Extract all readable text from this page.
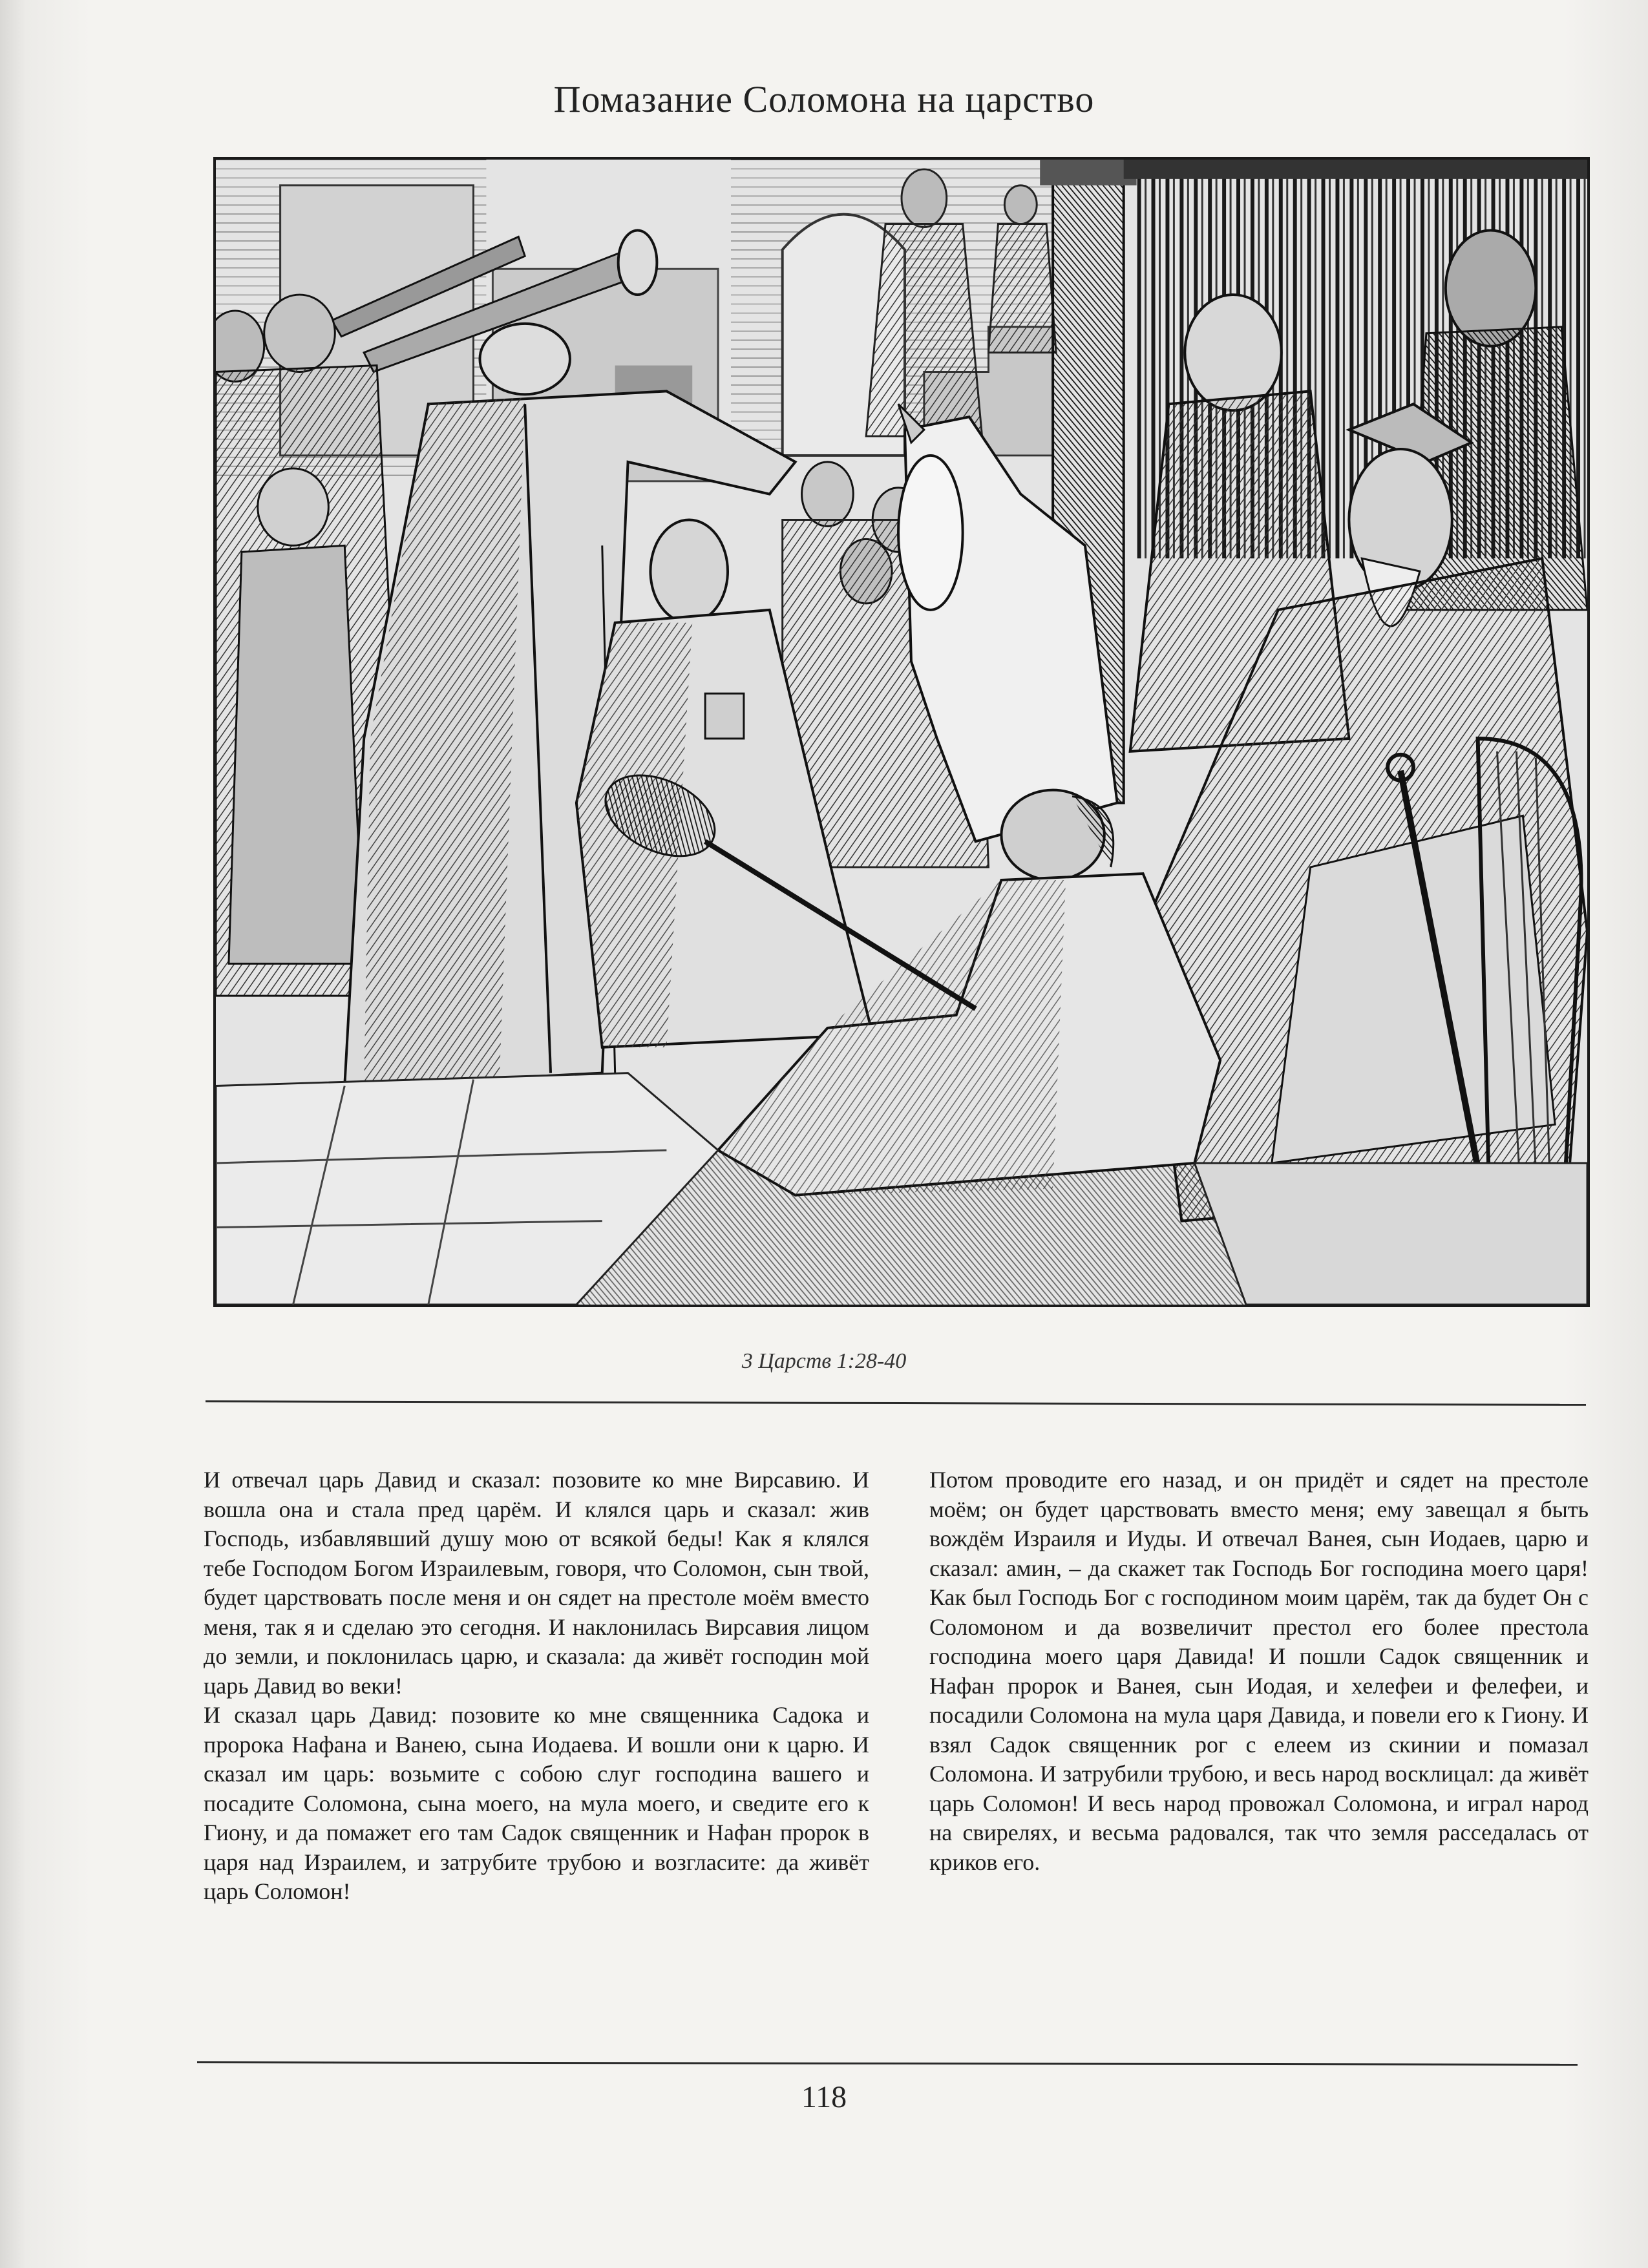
Помазание Соломона на царство
3 Царств 1:28-40

И отвечал царь Давид и сказал: позовите ко мне Вирсавию. И вошла она и стала пред царём. И клялся царь и сказал: жив Господь, избавлявший душу мою от всякой беды! Как я клялся тебе Господом Богом Израилевым, говоря, что Соломон, сын твой, будет царствовать после меня и он сядет на престоле моём вместо меня, так я и сделаю это сегодня. И наклонилась Вирсавия лицом до земли, и поклонилась царю, и сказала: да живёт господин мой царь Давид во веки!

И сказал царь Давид: позовите ко мне священника Садока и пророка Нафана и Ванею, сына Иодаева. И вошли они к царю. И сказал им царь: возьмите с собою слуг господина вашего и посадите Соломона, сына моего, на мула моего, и сведите его к Гиону, и да помажет его там Садок священник и Нафан пророк в царя над Израилем, и затрубите трубою и возгласите: да живёт царь Соломон!

Потом проводите его назад, и он придёт и сядет на престоле моём; он будет царствовать вместо меня; ему завещал я быть вождём Израиля и Иуды. И отвечал Ванея, сын Иодаев, царю и сказал: амин, – да скажет так Господь Бог господина моего царя! Как был Господь Бог с господином моим царём, так да будет Он с Соломоном и да возвеличит престол его более престола господина моего царя Давида! И пошли Садок священник и Нафан пророк и Ванея, сын Иодая, и хелефеи и фелефеи, и посадили Соломона на мула царя Давида, и повели его к Гиону. И взял Садок священник рог с елеем из скинии и помазал Соломона. И затрубили трубою, и весь народ восклицал: да живёт царь Соломон! И весь народ провожал Соломона, и играл народ на свирелях, и весьма радовался, так что земля расседалась от криков его.

118
